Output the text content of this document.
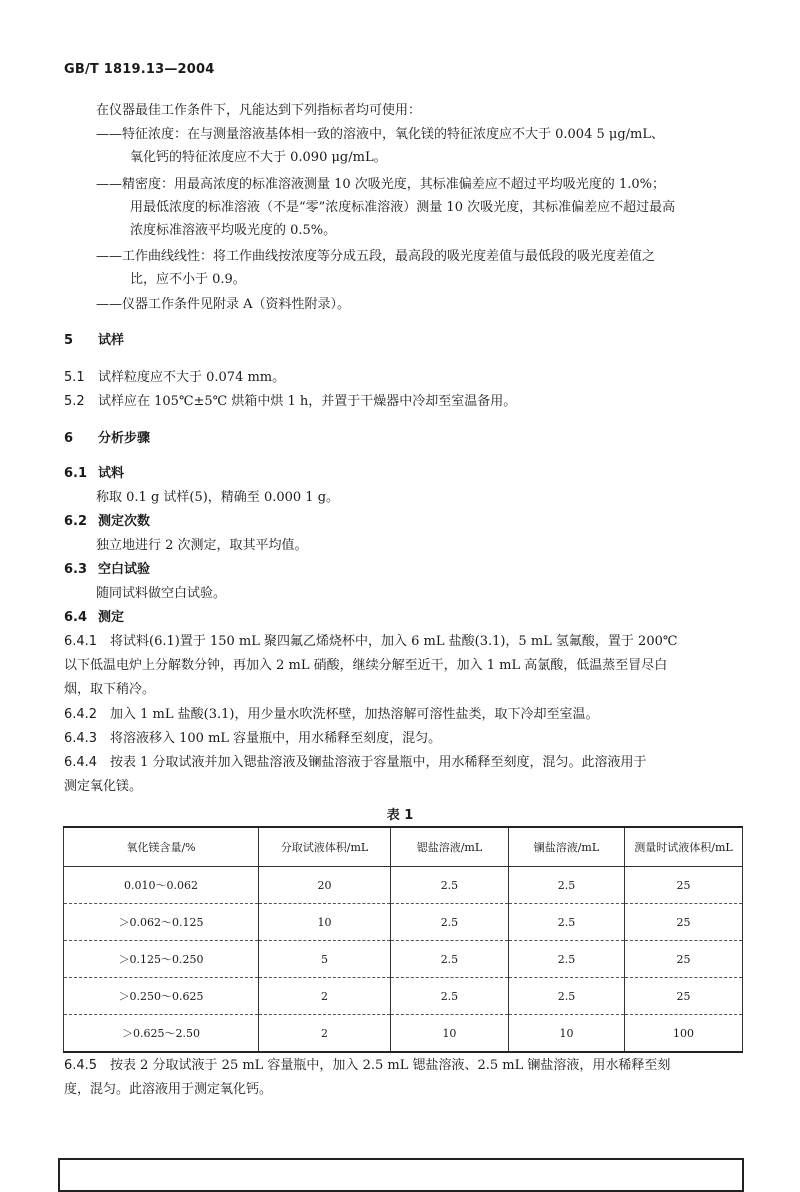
GB/T 1819.13—2004
在仪器最佳工作条件下，凡能达到下列指标者均可使用：
——特征浓度：在与测量溶液基体相一致的溶液中，氧化镁的特征浓度应不大于 0.004 5 μg/mL、
氧化钙的特征浓度应不大于 0.090 μg/mL。
——精密度：用最高浓度的标准溶液测量 10 次吸光度，其标准偏差应不超过平均吸光度的 1.0%；
用最低浓度的标准溶液（不是“零”浓度标准溶液）测量 10 次吸光度，其标准偏差应不超过最高
浓度标准溶液平均吸光度的 0.5%。
——工作曲线线性：将工作曲线按浓度等分成五段，最高段的吸光度差值与最低段的吸光度差值之
比，应不小于 0.9。
——仪器工作条件见附录 A（资料性附录）。
5 试样
5.1 试样粒度应不大于 0.074 mm。
5.2 试样应在 105℃±5℃ 烘箱中烘 1 h，并置于干燥器中冷却至室温备用。
6 分析步骤
6.1 试料
称取 0.1 g 试样(5)，精确至 0.000 1 g。
6.2 测定次数
独立地进行 2 次测定，取其平均值。
6.3 空白试验
随同试料做空白试验。
6.4 测定
6.4.1 将试料(6.1)置于 150 mL 聚四氟乙烯烧杯中，加入 6 mL 盐酸(3.1)，5 mL 氢氟酸，置于 200℃
以下低温电炉上分解数分钟，再加入 2 mL 硝酸，继续分解至近干，加入 1 mL 高氯酸，低温蒸至冒尽白
烟，取下稍冷。
6.4.2 加入 1 mL 盐酸(3.1)，用少量水吹洗杯壁，加热溶解可溶性盐类，取下冷却至室温。
6.4.3 将溶液移入 100 mL 容量瓶中，用水稀释至刻度，混匀。
6.4.4 按表 1 分取试液并加入锶盐溶液及镧盐溶液于容量瓶中，用水稀释至刻度，混匀。此溶液用于
测定氧化镁。
表 1
氧化镁含量/%	分取试液体积/mL	锶盐溶液/mL	镧盐溶液/mL	测量时试液体积/mL
0.010～0.062	20	2.5	2.5	25
＞0.062～0.125	10	2.5	2.5	25
＞0.125～0.250	5	2.5	2.5	25
＞0.250～0.625	2	2.5	2.5	25
＞0.625～2.50	2	10	10	100
6.4.5 按表 2 分取试液于 25 mL 容量瓶中，加入 2.5 mL 锶盐溶液、2.5 mL 镧盐溶液，用水稀释至刻
度，混匀。此溶液用于测定氧化钙。
